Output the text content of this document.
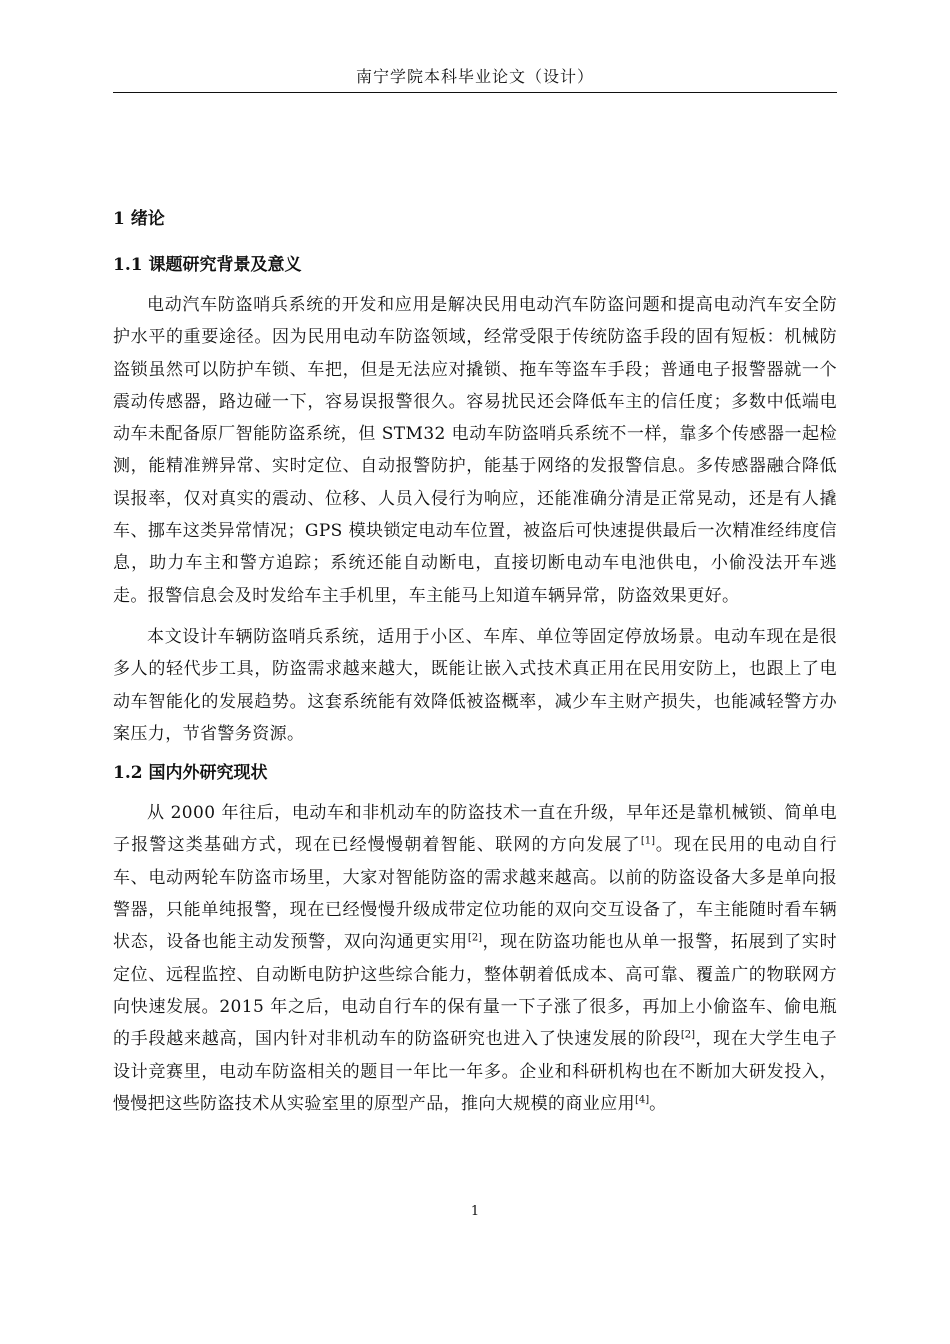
南宁学院本科毕业论文（设计）
1 绪论
1.1 课题研究背景及意义

电动汽车防盗哨兵系统的开发和应用是解决民用电动汽车防盗问题和提高电动汽车安全防护水平的重要途径。因为民用电动车防盗领域，经常受限于传统防盗手段的固有短板：机械防盗锁虽然可以防护车锁、车把，但是无法应对撬锁、拖车等盗车手段；普通电子报警器就一个震动传感器，路边碰一下，容易误报警很久。容易扰民还会降低车主的信任度；多数中低端电动车未配备原厂智能防盗系统，但 STM32 电动车防盗哨兵系统不一样，靠多个传感器一起检测，能精准辨异常、实时定位、自动报警防护，能基于网络的发报警信息。多传感器融合降低误报率，仅对真实的震动、位移、人员入侵行为响应，还能准确分清是正常晃动，还是有人撬车、挪车这类异常情况；GPS 模块锁定电动车位置，被盗后可快速提供最后一次精准经纬度信息，助力车主和警方追踪；系统还能自动断电，直接切断电动车电池供电，小偷没法开车逃走。报警信息会及时发给车主手机里，车主能马上知道车辆异常，防盗效果更好。

本文设计车辆防盗哨兵系统，适用于小区、车库、单位等固定停放场景。电动车现在是很多人的轻代步工具，防盗需求越来越大，既能让嵌入式技术真正用在民用安防上，也跟上了电动车智能化的发展趋势。这套系统能有效降低被盗概率，减少车主财产损失，也能减轻警方办案压力，节省警务资源。

1.2 国内外研究现状

从 2000 年往后，电动车和非机动车的防盗技术一直在升级，早年还是靠机械锁、简单电子报警这类基础方式，现在已经慢慢朝着智能、联网的方向发展了[1]。现在民用的电动自行车、电动两轮车防盗市场里，大家对智能防盗的需求越来越高。以前的防盗设备大多是单向报警器，只能单纯报警，现在已经慢慢升级成带定位功能的双向交互设备了，车主能随时看车辆状态，设备也能主动发预警，双向沟通更实用[2]，现在防盗功能也从单一报警，拓展到了实时定位、远程监控、自动断电防护这些综合能力，整体朝着低成本、高可靠、覆盖广的物联网方向快速发展。2015 年之后，电动自行车的保有量一下子涨了很多，再加上小偷盗车、偷电瓶的手段越来越高，国内针对非机动车的防盗研究也进入了快速发展的阶段[2]，现在大学生电子设计竞赛里，电动车防盗相关的题目一年比一年多。企业和科研机构也在不断加大研发投入，慢慢把这些防盗技术从实验室里的原型产品，推向大规模的商业应用[4]。

1
